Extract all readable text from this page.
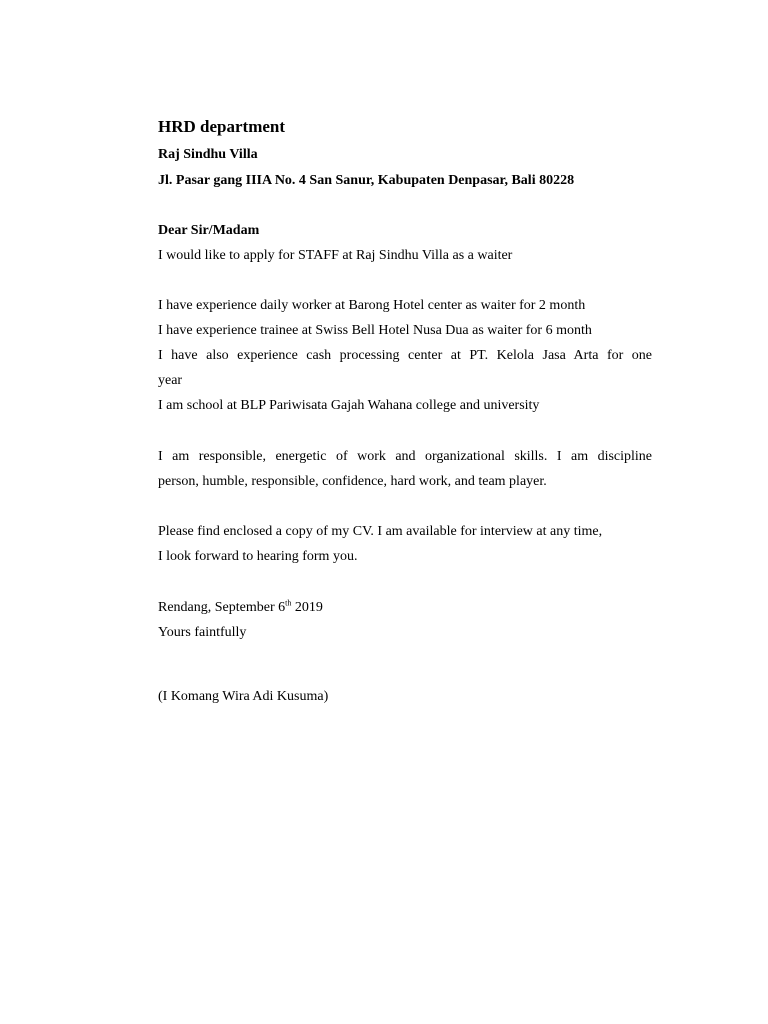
HRD department
Raj Sindhu Villa
Jl. Pasar gang IIIA No. 4 San Sanur, Kabupaten Denpasar, Bali 80228
Dear Sir/Madam
I would like to apply for STAFF at Raj Sindhu Villa as a waiter
I have experience daily worker at Barong Hotel center as waiter for 2 month
I have experience trainee at Swiss Bell Hotel Nusa Dua as waiter for 6 month
I have also experience cash processing center at PT. Kelola Jasa Arta for one
year
I am school at BLP Pariwisata Gajah Wahana college and university
I am responsible, energetic of work and organizational skills. I am discipline
person, humble, responsible, confidence, hard work, and team player.
Please find enclosed a copy of my CV. I am available for interview at any time,
I look forward to hearing form you.
Rendang, September 6th 2019
Yours faintfully
(I Komang Wira Adi Kusuma)
